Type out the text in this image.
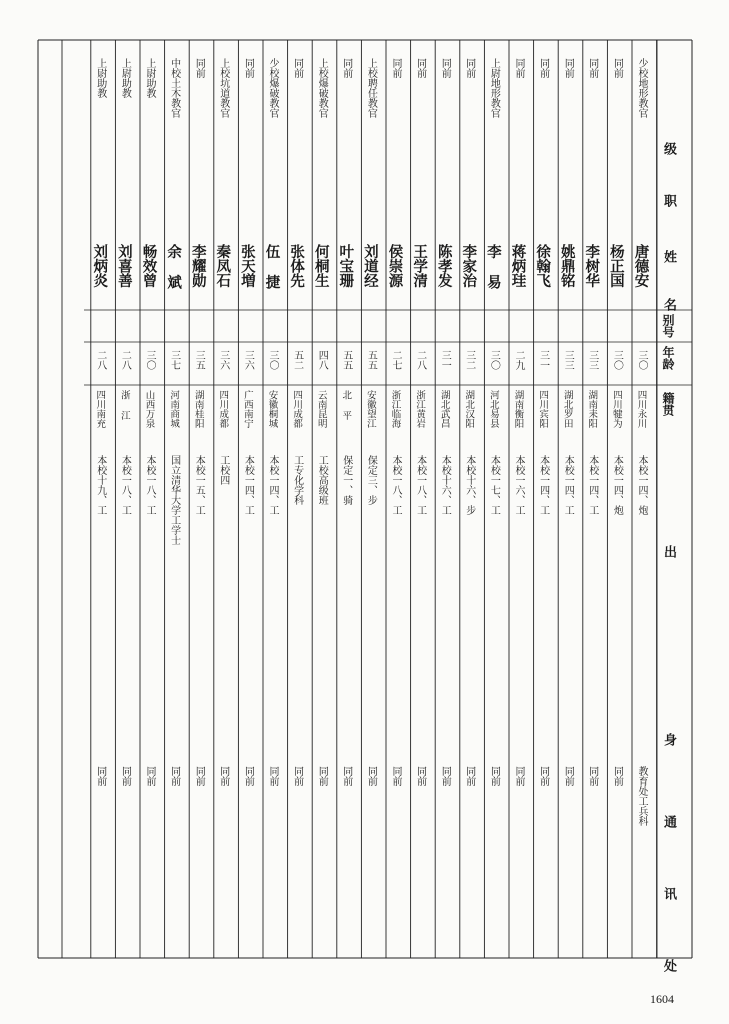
级 职
姓 名
别号
年龄
籍贯
出 身
通 讯 处
少校地形教官
唐德安
三〇
四川永川
本校一四、炮
教育处工兵科
同前
杨正国
三〇
四川犍为
本校一四、炮
同前
同前
李树华
三三
湖南耒阳
本校一四、工
同前
同前
姚鼎铭
三三
湖北罗田
本校一四、工
同前
同前
徐翰飞
三一
四川宾阳
本校一四、工
同前
同前
蒋炳珪
二九
湖南衡阳
本校一六、工
同前
上尉地形教官
李 易
三〇
河北易县
本校一七、工
同前
同前
李家治
三二
湖北汉阳
本校十六、步
同前
同前
陈孝发
三一
湖北武昌
本校十六、工
同前
同前
王学清
二八
浙江黄岩
本校一八、工
同前
同前
侯崇源
二七
浙江临海
本校一八、工
同前
上校聘任教官
刘道经
五五
安徽望江
保定三、步
同前
同前
叶宝珊
五五
北 平
保定一、骑
同前
上校爆破教官
何桐生
四八
云南昆明
工校高级班
同前
同前
张体先
五二
四川成都
工专化学科
同前
少校爆破教官
伍 捷
三〇
安徽桐城
本校一四、工
同前
同前
张天増
三六
广西南宁
本校一四、工
同前
上校坑道教官
秦凤石
三六
四川成都
工校四
同前
同前
李耀勋
三五
湖南桂阳
本校一五、工
同前
中校土木教官
余 斌
三七
河南商城
国立清华大学工学士
同前
上尉助教
畅效曾
三〇
山西万泉
本校一八、工
同前
上尉助教
刘喜善
二八
浙 江
本校一八、工
同前
上尉助教
刘炳炎
二八
四川南充
本校十九、工
同前
1604
